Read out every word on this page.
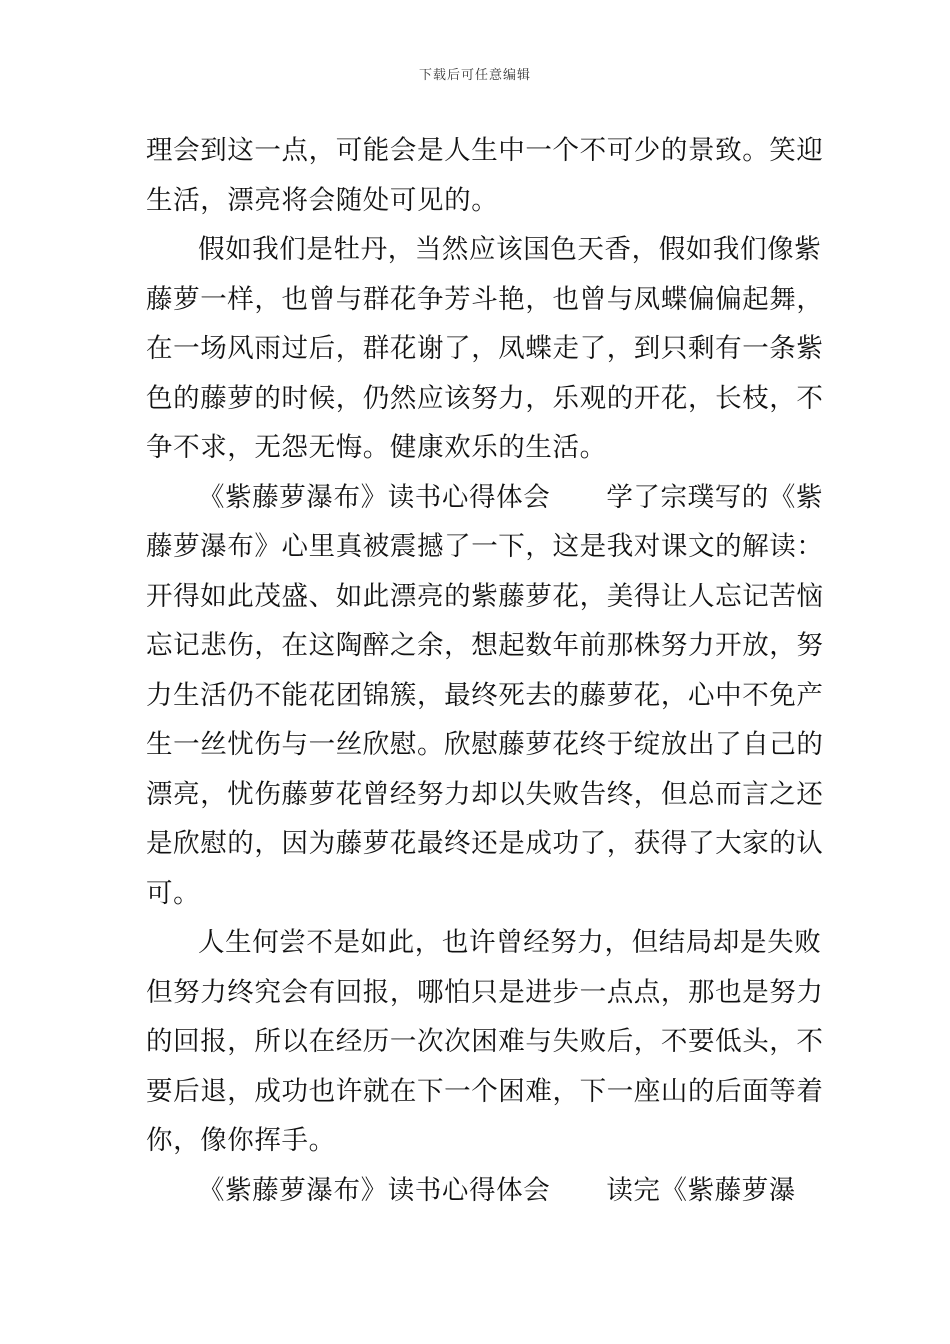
下载后可任意编辑
理会到这一点，可能会是人生中一个不可少的景致。笑迎
生活，漂亮将会随处可见的。
假如我们是牡丹，当然应该国色天香，假如我们像紫
藤萝一样，也曾与群花争芳斗艳，也曾与凤蝶偏偏起舞，
在一场风雨过后，群花谢了，凤蝶走了，到只剩有一条紫
色的藤萝的时候，仍然应该努力，乐观的开花，长枝，不
争不求，无怨无悔。健康欢乐的生活。
《紫藤萝瀑布》读书心得体会 学了宗璞写的《紫
藤萝瀑布》心里真被震撼了一下，这是我对课文的解读：
开得如此茂盛、如此漂亮的紫藤萝花，美得让人忘记苦恼
忘记悲伤，在这陶醉之余，想起数年前那株努力开放，努
力生活仍不能花团锦簇，最终死去的藤萝花，心中不免产
生一丝忧伤与一丝欣慰。欣慰藤萝花终于绽放出了自己的
漂亮，忧伤藤萝花曾经努力却以失败告终，但总而言之还
是欣慰的，因为藤萝花最终还是成功了，获得了大家的认
可。
人生何尝不是如此，也许曾经努力，但结局却是失败
但努力终究会有回报，哪怕只是进步一点点，那也是努力
的回报，所以在经历一次次困难与失败后，不要低头，不
要后退，成功也许就在下一个困难，下一座山的后面等着
你，像你挥手。
《紫藤萝瀑布》读书心得体会 读完《紫藤萝瀑
